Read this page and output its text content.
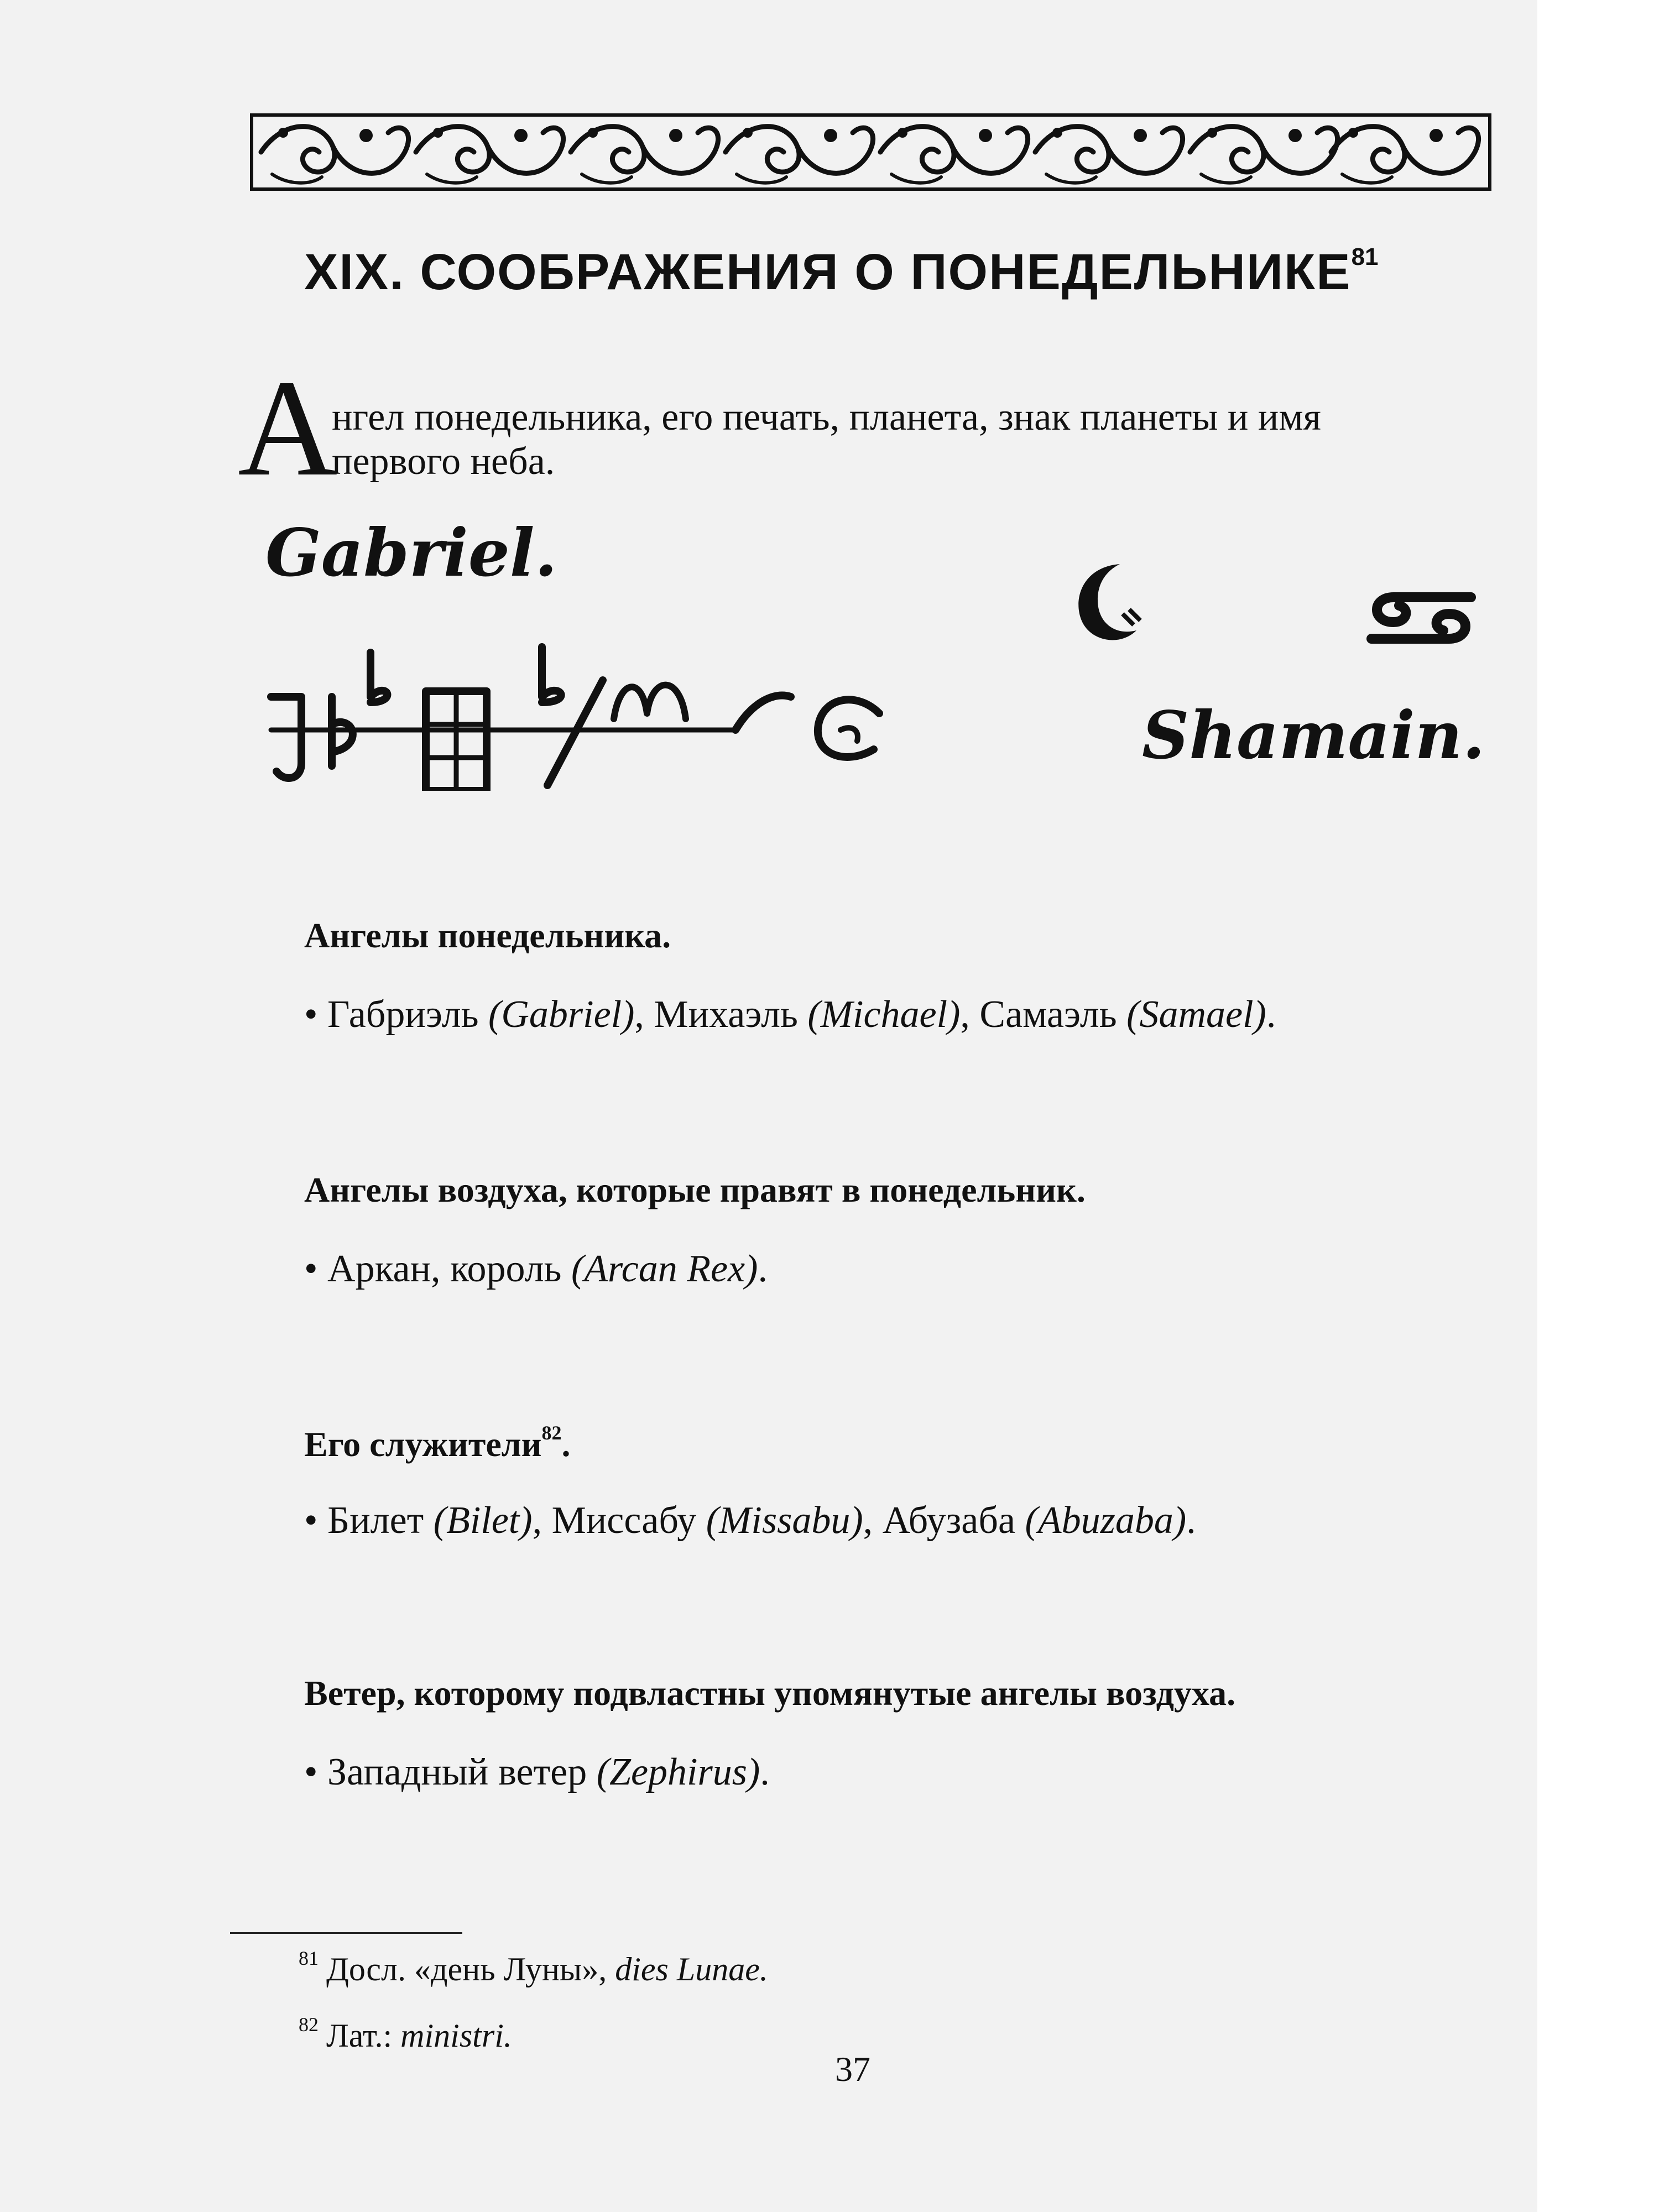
XIX. СООБРАЖЕНИЯ О ПОНЕДЕЛЬНИКЕ$^{81}$

А

нгел понедельника, его печать, планета, знак планеты и имя

первого неба.

Gabriel.

Shamain.

Ангелы понедельника.

• Габриэль (Gabriel), Михаэль (Michael), Самаэль (Samael).

Ангелы воздуха, которые правят в понедельник.

• Аркан, король (Arcan Rex).

Его служители$^{82}$.

• Билет (Bilet), Миссабу (Missabu), Абузаба (Abuzaba).

Ветер, которому подвластны упомянутые ангелы воздуха.

• Западный ветер (Zephirus).

$^{81}$ Досл. «день Луны», dies Lunae.

$^{82}$ Лат.: ministri.

37
